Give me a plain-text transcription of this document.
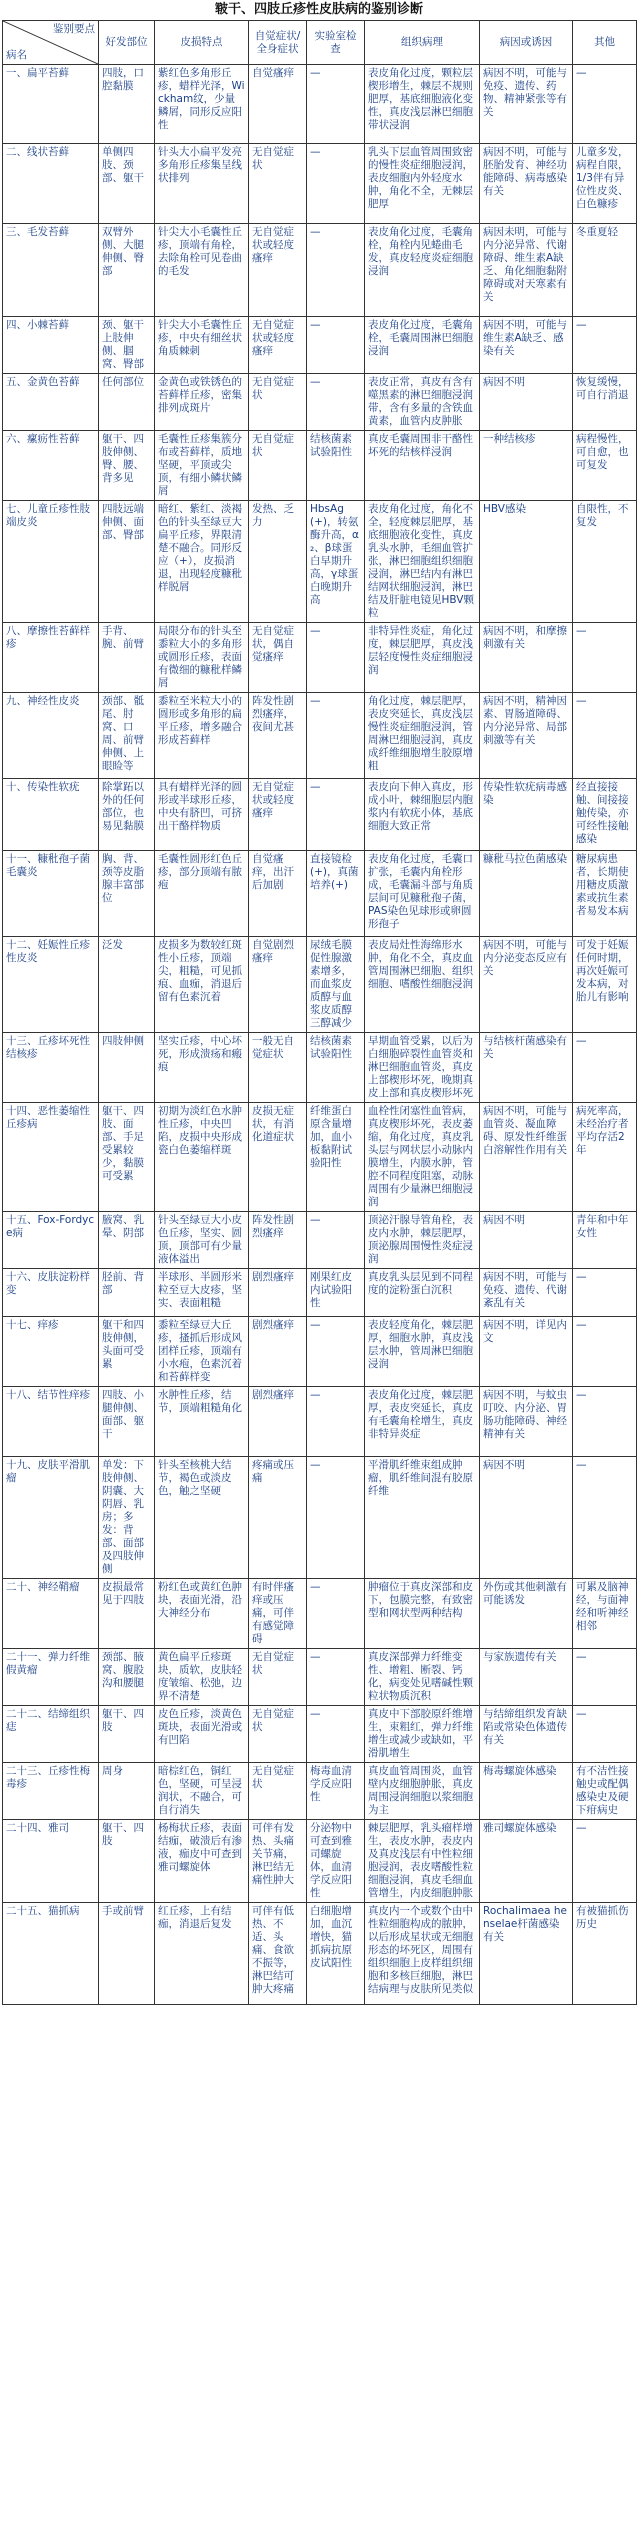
皲干、四肢丘疹性皮肤病的鉴别诊断
鉴别要点
病名	好发部位	皮损特点	自觉症状/全身症状	实验室检查	组织病理	病因或诱因	其他
一、扁平苔藓	四肢，口腔黏膜	紫红色多角形丘疹，蜡样光泽，Wickham纹，少量鳞屑，同形反应阳性	自觉瘙痒	—	表皮角化过度，颗粒层楔形增生，棘层不规则肥厚，基底细胞液化变性，真皮浅层淋巴细胞带状浸润	病因不明，可能与免疫、遗传、药物、精神紧张等有关	—
二、线状苔藓	单侧四肢、颈部、躯干	针头大小扁平发亮多角形丘疹集呈线状排列	无自觉症状	—	乳头下层血管周围致密的慢性炎症细胞浸润，表皮细胞内外轻度水肿，角化不全，无棘层肥厚	病因不明，可能与胚胎发育、神经功能障碍、病毒感染有关	儿童多发，病程自限，1/3伴有异位性皮炎、白色糠疹
三、毛发苔藓	双臂外侧、大腿伸侧、臀部	针尖大小毛囊性丘疹，顶端有角栓，去除角栓可见卷曲的毛发	无自觉症状或轻度瘙痒	—	表皮角化过度，毛囊角栓，角栓内见蜷曲毛发，真皮轻度炎症细胞浸润	病因未明，可能与内分泌异常、代谢障碍、维生素A缺乏、角化细胞黏附障碍或对天寒素有关	冬重夏轻
四、小棘苔藓	颈、躯干上肢伸侧、腘窝、臀部	针尖大小毛囊性丘疹，中央有细丝状角质棘刺	无自觉症状或轻度瘙痒	—	表皮角化过度，毛囊角栓，毛囊周围淋巴细胞浸润	病因不明，可能与维生素A缺乏、感染有关	—
五、金黄色苔藓	任何部位	金黄色或铁锈色的苔藓样丘疹，密集排列成斑片	无自觉症状	—	表皮正常，真皮有含有噬黑素的淋巴细胞浸润带，含有多量的含铁血黄素，血管内皮肿胀	病因不明	恢复缓慢，可自行消退
六、瘰疬性苔藓	躯干、四肢伸侧、臀、腰、背多见	毛囊性丘疹集簇分布或苔藓样，质地坚硬，平顶或尖顶，有细小鳞状鳞屑	无自觉症状	结核菌素试验阳性	真皮毛囊周围非干酪性坏死的结核样浸润	一种结核疹	病程慢性，可自愈，也可复发
七、儿童丘疹性肢端皮炎	四肢远端伸侧、面部、臀部	暗红、紫红、淡褐色的针头至绿豆大扁平丘疹，界限清楚不融合。同形反应（+），皮损消退，出现轻度糠秕样脱屑	发热、乏力	HbsAg(+)，转氨酶升高，α₂、β球蛋白早期升高，γ球蛋白晚期升高	表皮角化过度，角化不全，轻度棘层肥厚，基底细胞液化变性，真皮乳头水肿，毛细血管扩张，淋巴细胞组织细胞浸润，淋巴结内有淋巴结网状细胞浸润，淋巴结及肝脏电镜见HBV颗粒	HBV感染	自限性，不复发
八、摩擦性苔藓样疹	手背、腕、前臂	局限分布的针头至黍粒大小的多角形或圆形丘疹，表面有微细的糠秕样鳞屑	无自觉症状，偶自觉瘙痒	—	非特异性炎症，角化过度，棘层肥厚，真皮浅层轻度慢性炎症细胞浸润	病因不明，和摩擦刺激有关	—
九、神经性皮炎	颈部、骶尾、肘窝、口周、前臂伸侧、上眼睑等	黍粒至米粒大小的圆形或多角形的扁平丘疹，增多融合形成苔藓样	阵发性剧烈瘙痒，夜间尤甚	—	角化过度，棘层肥厚，表皮突延长，真皮浅层慢性炎症细胞浸润，管周淋巴细胞浸润，真皮成纤维细胞增生胶原增粗	病因不明，精神因素、胃肠道障碍、内分泌异常、局部刺激等有关	—
十、传染性软疣	除掌跖以外的任何部位，也易见黏膜	具有蜡样光泽的圆形或半球形丘疹，中央有脐凹，可挤出干酪样物质	无自觉症状或轻度瘙痒	—	表皮向下伸入真皮，形成小叶，棘细胞层内胞浆内有软疣小体，基底细胞大致正常	传染性软疣病毒感染	经直接接触、间接接触传染，亦可经性接触感染
十一、糠秕孢子菌毛囊炎	胸、背、颈等皮脂腺丰富部位	毛囊性圆形红色丘疹，部分顶端有脓疱	自觉瘙痒，出汗后加剧	直接镜检(+)，真菌培养(+)	表皮角化过度，毛囊口扩张，毛囊内角栓形成，毛囊漏斗部与角质层间可见糠秕孢子菌，PAS染色见球形或卵圆形孢子	糠秕马拉色菌感染	糖尿病患者，长期使用糖皮质激素或抗生素者易发本病
十二、妊娠性丘疹性皮炎	泛发	皮损多为数较红斑性小丘疹，顶端尖，粗糙，可见抓痕、血痂，消退后留有色素沉着	自觉剧烈瘙痒	尿绒毛膜促性腺激素增多，而血浆皮质醇与血浆皮质醇三醇减少	表皮局灶性海绵形水肿，角化不全，真皮血管周围淋巴细胞、组织细胞、嗜酸性细胞浸润	病因不明，可能与内分泌变态反应有关	可发于妊娠任何时期，再次妊娠可发本病，对胎儿有影响
十三、丘疹坏死性结核疹	四肢伸侧	坚实丘疹，中心坏死，形成溃疡和瘢痕	一般无自觉症状	结核菌素试验阳性	早期血管受累，以后为白细胞碎裂性血管炎和淋巴细胞血管炎，真皮上部楔形坏死，晚期真皮上部和真皮楔形坏死	与结核杆菌感染有关	—
十四、恶性萎缩性丘疹病	躯干、四肢、面部、手足受累较少，黏膜可受累	初期为淡红色水肿性丘疹，中央凹陷，皮损中央形成瓷白色萎缩样斑	皮损无症状，有消化道症状	纤维蛋白原含量增加，血小板黏附试验阳性	血栓性闭塞性血管病，真皮楔形坏死，表皮萎缩，角化过度，真皮乳头层与网状层小动脉内膜增生，内膜水肿，管腔不同程度阻塞，动脉周围有少量淋巴细胞浸润	病因不明，可能与血管炎、凝血障碍、原发性纤维蛋白溶解性作用有关	病死率高，未经治疗者平均存活2年
十五、Fox-Fordyce病	腋窝、乳晕、阴部	针头至绿豆大小皮色丘疹，坚实、圆顶，顶部可有少量液体溢出	阵发性剧烈瘙痒	—	顶泌汗腺导管角栓，表皮内水肿，棘层肥厚，顶泌腺周围慢性炎症浸润	病因不明	青年和中年女性
十六、皮肤淀粉样变	胫前、背部	半球形、半圆形米粒至豆大皮疹，坚实、表面粗糙	剧烈瘙痒	刚果红皮内试验阳性	真皮乳头层见到不同程度的淀粉蛋白沉积	病因不明，可能与免疫、遗传、代谢紊乱有关	—
十七、痒疹	躯干和四肢伸侧，头面可受累	黍粒至绿豆大丘疹，搔抓后形成风团样丘疹，顶端有小水疱，色素沉着和苔藓样变	剧烈瘙痒	—	表皮轻度角化，棘层肥厚，细胞水肿，真皮浅层水肿，管周淋巴细胞浸润	病因不明，详见内文	—
十八、结节性痒疹	四肢、小腿伸侧、面部、躯干	水肿性丘疹，结节，顶端粗糙角化	剧烈瘙痒	—	表皮角化过度，棘层肥厚，表皮突延长，真皮有毛囊角栓增生，真皮非特异炎症	病因不明，与蚊虫叮咬、内分泌、胃肠功能障碍、神经精神有关	—
十九、皮肤平滑肌瘤	单发：下肢伸侧、阴囊、大阴唇、乳房；多发：背部、面部及四肢伸侧	针头至核桃大结节，褐色或淡皮色，触之坚硬	疼痛或压痛	—	平滑肌纤维束组成肿瘤，肌纤维间混有胶原纤维	病因不明	—
二十、神经鞘瘤	皮损最常见于四肢	粉红色或黄红色肿块，表面光滑，沿大神经分布	有时伴瘙痒或压痛，可伴有感觉障碍	—	肿瘤位于真皮深部和皮下，包膜完整，有致密型和网状型两种结构	外伤或其他刺激有可能诱发	可累及脑神经，与面神经和听神经相邻
二十一、弹力纤维假黄瘤	颈部、腋窝、腹股沟和腰腿	黄色扁平丘疹斑块，质软，皮肤轻度皱缩、松弛，边界不清楚	无自觉症状	—	真皮深部弹力纤维变性、增粗、断裂、钙化，病变处见嗜碱性颗粒状物质沉积	与家族遗传有关	—
二十二、结缔组织痣	躯干、四肢	皮色丘疹，淡黄色斑块，表面光滑或有凹陷	无自觉症状	—	真皮中下部胶原纤维增生，束粗红，弹力纤维增生或减少或缺如，平滑肌增生	与结缔组织发育缺陷或常染色体遗传有关	—
二十三、丘疹性梅毒疹	周身	暗棕红色，铜红色，坚硬，可呈浸润状，不融合，可自行消失	无自觉症状	梅毒血清学反应阳性	真皮血管周围炎，血管壁内皮细胞肿胀，真皮周围浸润细胞以浆细胞为主	梅毒螺旋体感染	有不洁性接触史或配偶感染史及硬下疳病史
二十四、雅司	躯干、四肢	杨梅状丘疹，表面结痂，破溃后有渗液，痂皮中可查到雅司螺旋体	可伴有发热、头痛关节痛，淋巴结无痛性肿大	分泌物中可查到雅司螺旋体，血清学反应阳性	棘层肥厚，乳头瘤样增生，表皮水肿，表皮内及真皮浅层有中性粒细胞浸润，表皮嗜酸性粒细胞浸润，真皮毛细血管增生，内皮细胞肿胀	雅司螺旋体感染	—
二十五、猫抓病	手或前臂	红丘疹，上有结痂，消退后复发	可伴有低热、不适、头痛、食欲不振等，淋巴结可肿大疼痛	白细胞增加，血沉增快，猫抓病抗原皮试阳性	真皮内一个或数个由中性粒细胞构成的脓肿，以后形成星状或无细胞形态的坏死区，周围有组织细胞上皮样组织细胞和多核巨细胞，淋巴结病理与皮肤所见类似	Rochalimaea henselae杆菌感染有关	有被猫抓伤历史
